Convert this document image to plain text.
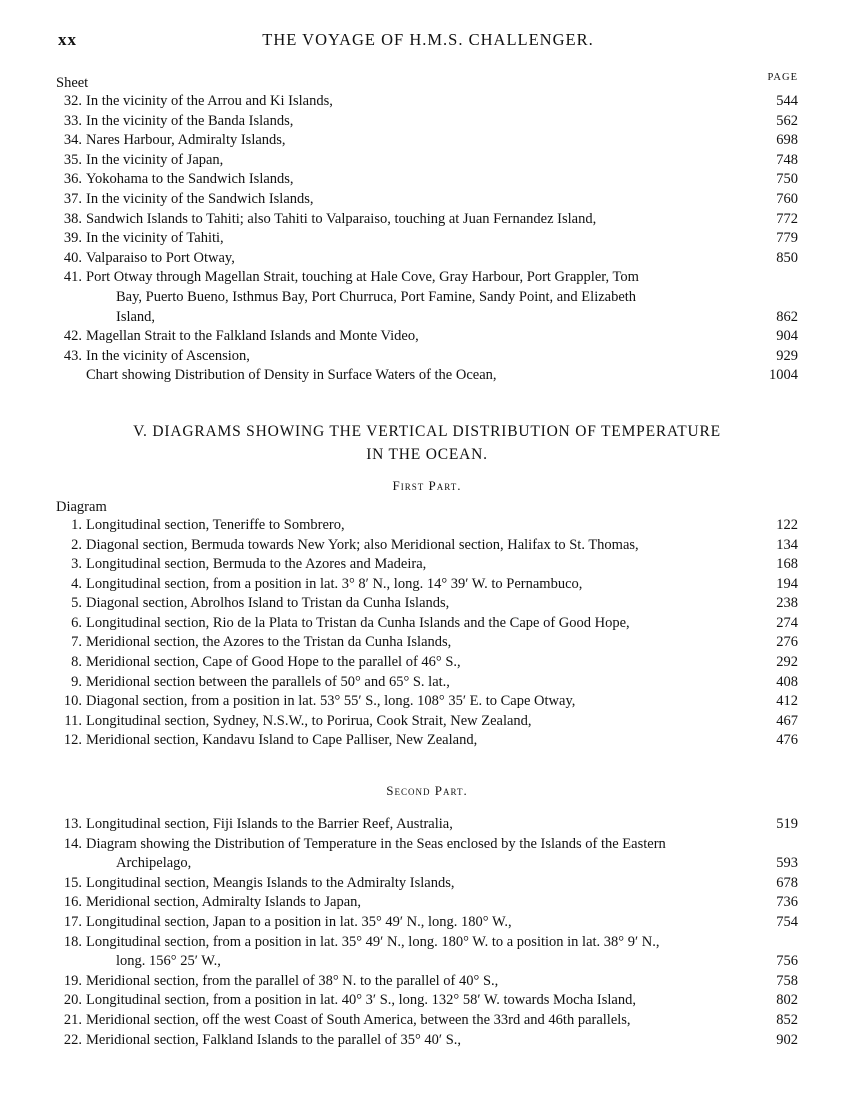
xx	THE VOYAGE OF H.M.S. CHALLENGER.
Sheet	PAGE
32. In the vicinity of the Arrou and Ki Islands,	544
33. In the vicinity of the Banda Islands,	562
34. Nares Harbour, Admiralty Islands,	698
35. In the vicinity of Japan,	748
36. Yokohama to the Sandwich Islands,	750
37. In the vicinity of the Sandwich Islands,	760
38. Sandwich Islands to Tahiti; also Tahiti to Valparaiso, touching at Juan Fernandez Island,	772
39. In the vicinity of Tahiti,	779
40. Valparaiso to Port Otway,	850
41. Port Otway through Magellan Strait, touching at Hale Cove, Gray Harbour, Port Grappler, Tom
Bay, Puerto Bueno, Isthmus Bay, Port Churruca, Port Famine, Sandy Point, and Elizabeth
Island,	862
42. Magellan Strait to the Falkland Islands and Monte Video,	904
43. In the vicinity of Ascension,	929
Chart showing Distribution of Density in Surface Waters of the Ocean,	1004
V. DIAGRAMS SHOWING THE VERTICAL DISTRIBUTION OF TEMPERATURE
IN THE OCEAN.
First Part.
Diagram
1. Longitudinal section, Teneriffe to Sombrero,	122
2. Diagonal section, Bermuda towards New York; also Meridional section, Halifax to St. Thomas,	134
3. Longitudinal section, Bermuda to the Azores and Madeira,	168
4. Longitudinal section, from a position in lat. 3° 8′ N., long. 14° 39′ W. to Pernambuco,	194
5. Diagonal section, Abrolhos Island to Tristan da Cunha Islands,	238
6. Longitudinal section, Rio de la Plata to Tristan da Cunha Islands and the Cape of Good Hope,	274
7. Meridional section, the Azores to the Tristan da Cunha Islands,	276
8. Meridional section, Cape of Good Hope to the parallel of 46° S.,	292
9. Meridional section between the parallels of 50° and 65° S. lat.,	408
10. Diagonal section, from a position in lat. 53° 55′ S., long. 108° 35′ E. to Cape Otway,	412
11. Longitudinal section, Sydney, N.S.W., to Porirua, Cook Strait, New Zealand,	467
12. Meridional section, Kandavu Island to Cape Palliser, New Zealand,	476
Second Part.
13. Longitudinal section, Fiji Islands to the Barrier Reef, Australia,	519
14. Diagram showing the Distribution of Temperature in the Seas enclosed by the Islands of the Eastern
Archipelago,	593
15. Longitudinal section, Meangis Islands to the Admiralty Islands,	678
16. Meridional section, Admiralty Islands to Japan,	736
17. Longitudinal section, Japan to a position in lat. 35° 49′ N., long. 180° W.,	754
18. Longitudinal section, from a position in lat. 35° 49′ N., long. 180° W. to a position in lat. 38° 9′ N.,
long. 156° 25′ W.,	756
19. Meridional section, from the parallel of 38° N. to the parallel of 40° S.,	758
20. Longitudinal section, from a position in lat. 40° 3′ S., long. 132° 58′ W. towards Mocha Island,	802
21. Meridional section, off the west Coast of South America, between the 33rd and 46th parallels,	852
22. Meridional section, Falkland Islands to the parallel of 35° 40′ S.,	902
